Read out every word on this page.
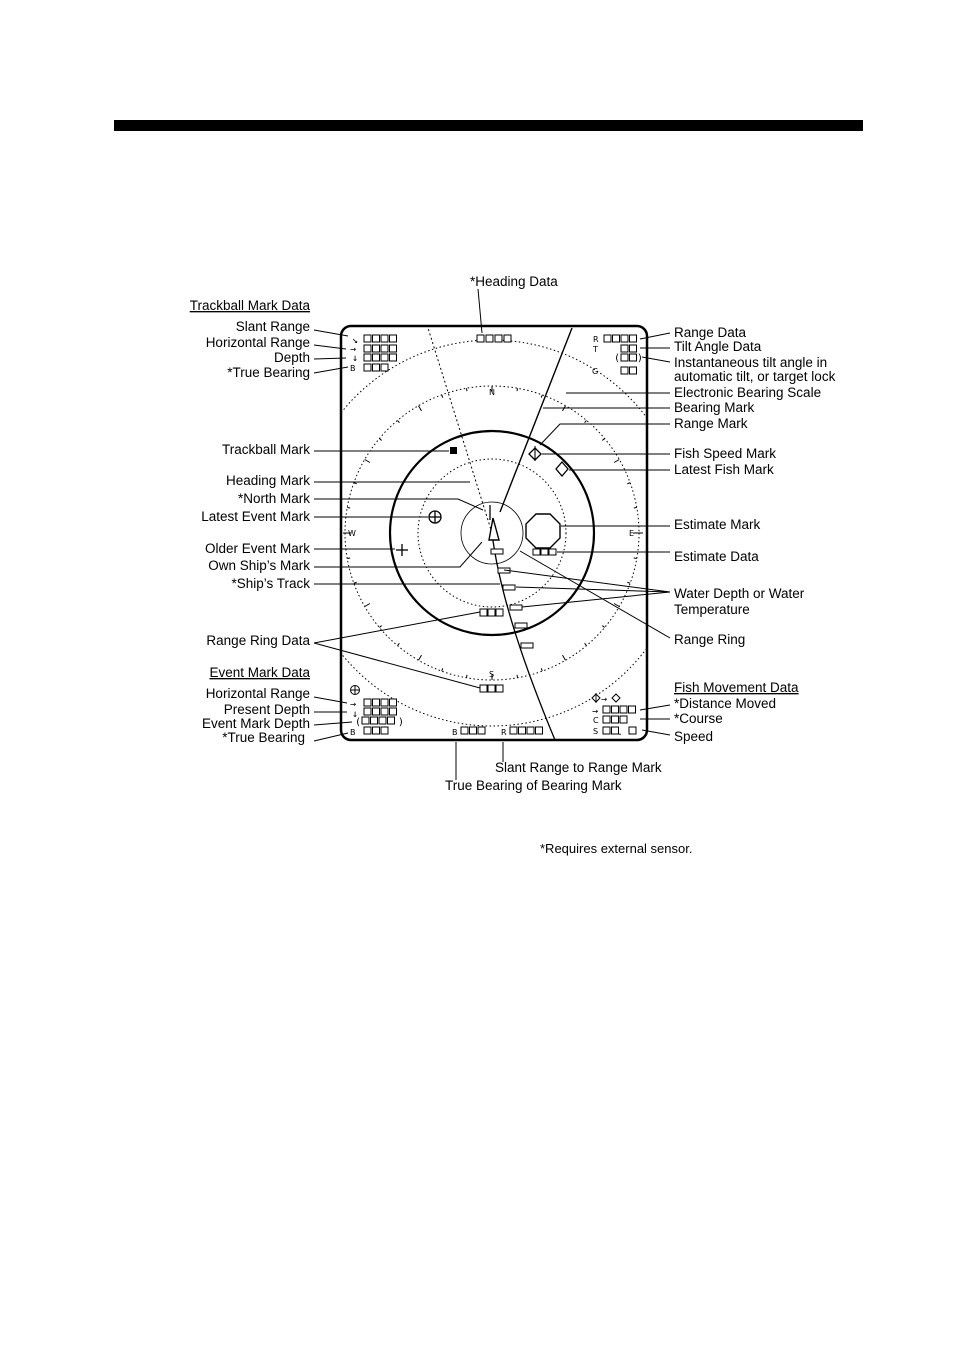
N
S
E
W
G
↘
→
↓
B
R
T
( )
→
↓
(	)
B	B	R
→
→
C
S .
*Heading Data
Trackball Mark Data
Slant Range
Horizontal Range
Depth
*True Bearing
Trackball Mark
Heading Mark
*North Mark
Latest Event Mark
Older Event Mark
Own Ship’s Mark
*Ship’s Track
Range Ring Data
Event Mark Data
Horizontal Range
Present Depth
Event Mark Depth
*True Bearing
Range Data
Tilt Angle Data
Instantaneous tilt angle in
automatic tilt, or target lock
Electronic Bearing Scale
Bearing Mark
Range Mark
Fish Speed Mark
Latest Fish Mark
Estimate Mark
Estimate Data
Water Depth or Water
Temperature
Range Ring
Fish Movement Data
*Distance Moved
*Course
Speed
Slant Range to Range Mark
True Bearing of Bearing Mark
*Requires external sensor.
